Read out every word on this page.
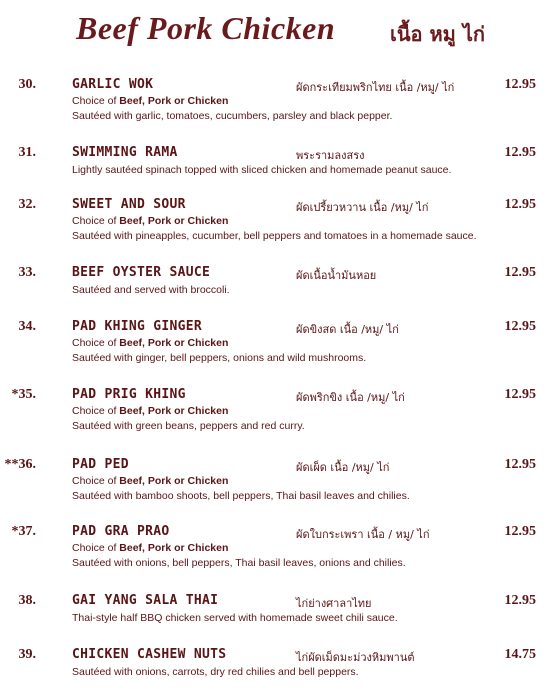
Beef Pork Chicken	เนื้อ หมู ไก่
30.	GARLIC WOK	ผัดกระเทียมพริกไทย เนื้อ /หมู/ ไก่	12.95
Choice of Beef, Pork or Chicken
Sautéed with garlic, tomatoes, cucumbers, parsley and black pepper.
31.	SWIMMING RAMA	พระรามลงสรง	12.95
Lightly sautéed spinach topped with sliced chicken and homemade peanut sauce.
32.	SWEET AND SOUR	ผัดเปรี้ยวหวาน เนื้อ /หมู/ ไก่	12.95
Choice of Beef, Pork or Chicken
Sautéed with pineapples, cucumber, bell peppers and tomatoes in a homemade sauce.
33.	BEEF OYSTER SAUCE	ผัดเนื้อน้ำมันหอย	12.95
Sautéed and served with broccoli.
34.	PAD KHING GINGER	ผัดขิงสด เนื้อ /หมู/ ไก่	12.95
Choice of Beef, Pork or Chicken
Sautéed with ginger, bell peppers, onions and wild mushrooms.
*35.	PAD PRIG KHING	ผัดพริกขิง เนื้อ /หมู/ ไก่	12.95
Choice of Beef, Pork or Chicken
Sautéed with green beans, peppers and red curry.
**36.	PAD PED	ผัดเผ็ด เนื้อ /หมู/ ไก่	12.95
Choice of Beef, Pork or Chicken
Sautéed with bamboo shoots, bell peppers, Thai basil leaves and chilies.
*37.	PAD GRA PRAO	ผัดใบกระเพรา เนื้อ / หมู/ ไก่	12.95
Choice of Beef, Pork or Chicken
Sautéed with onions, bell peppers, Thai basil leaves, onions and chilies.
38.	GAI YANG SALA THAI	ไก่ย่างศาลาไทย	12.95
Thai-style half BBQ chicken served with homemade sweet chili sauce.
39.	CHICKEN CASHEW NUTS	ไก่ผัดเม็ดมะม่วงหิมพานต์	14.75
Sautéed with onions, carrots, dry red chilies and bell peppers.
